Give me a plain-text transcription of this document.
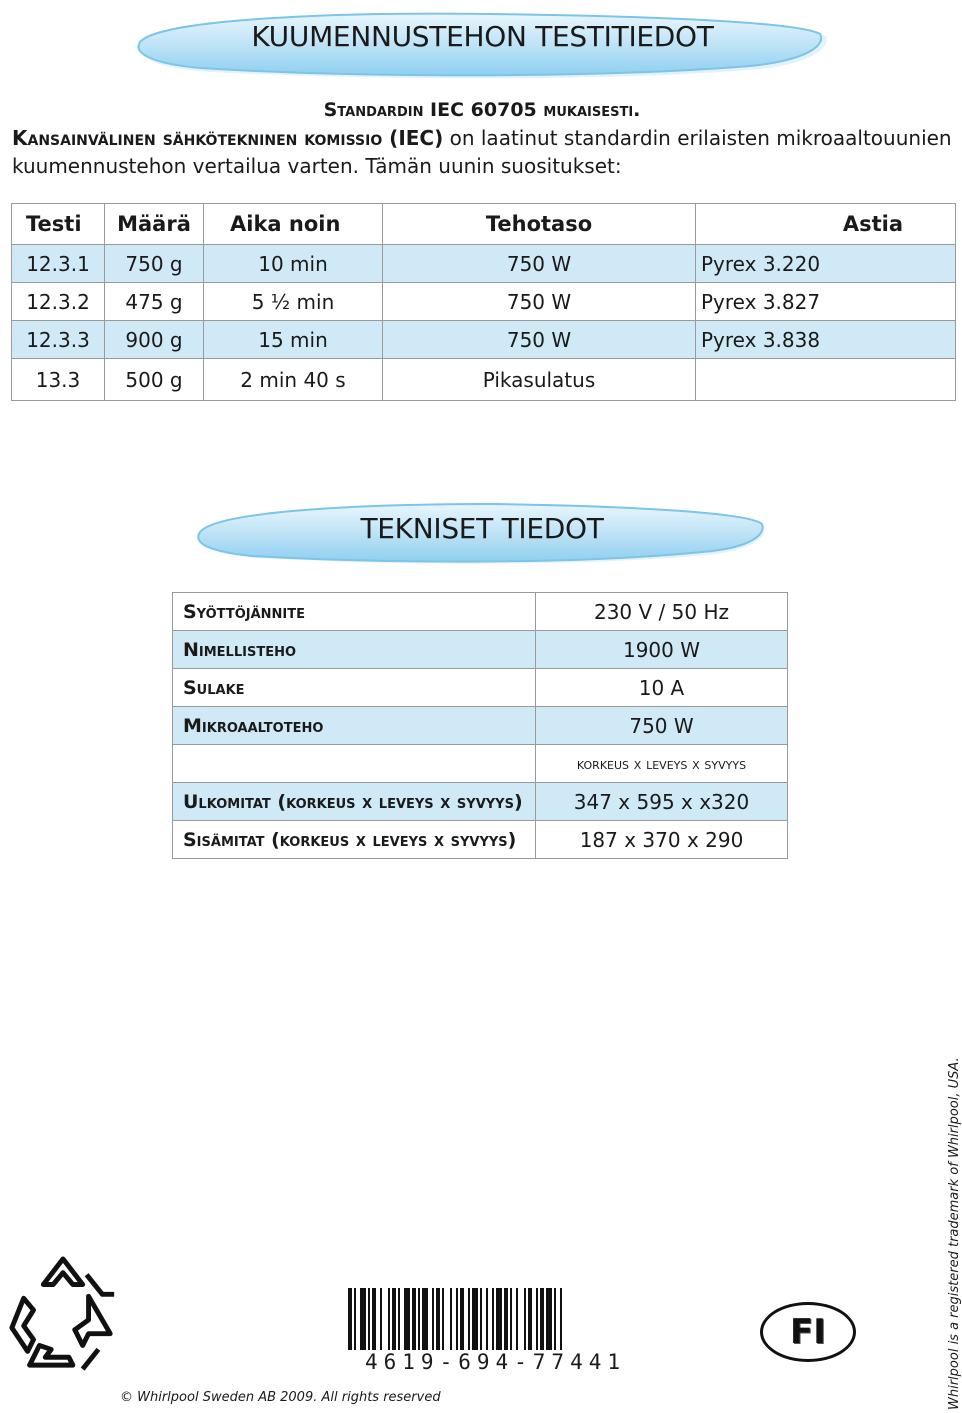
KUUMENNUSTEHON TESTITIEDOT
Standardin IEC 60705 mukaisesti.
Kansainvälinen sähkötekninen komissio (IEC) on laatinut standardin erilaisten mikroaaltouunien kuumennustehon vertailua varten. Tämän uunin suositukset:
Testi	Määrä	Aika noin	Tehotaso	Astia
12.3.1	750 g	10 min	750 W	Pyrex 3.220
12.3.2	475 g	5 ½ min	750 W	Pyrex 3.827
12.3.3	900 g	15 min	750 W	Pyrex 3.838
13.3	500 g	2 min 40 s	Pikasulatus	
TEKNISET TIEDOT
Syöttöjännite	230 V / 50 Hz
Nimellisteho	1900 W
Sulake	10 A
Mikroaaltoteho	750 W
	korkeus x leveys x syvyys
Ulkomitat (korkeus x leveys x syvyys)	347 x 595 x x320
Sisämitat (korkeus x leveys x syvyys)	187 x 370 x 290
4619-694-77441
© Whirlpool Sweden AB 2009. All rights reserved
FI	Whirlpool is a registered trademark of Whirlpool, USA.
